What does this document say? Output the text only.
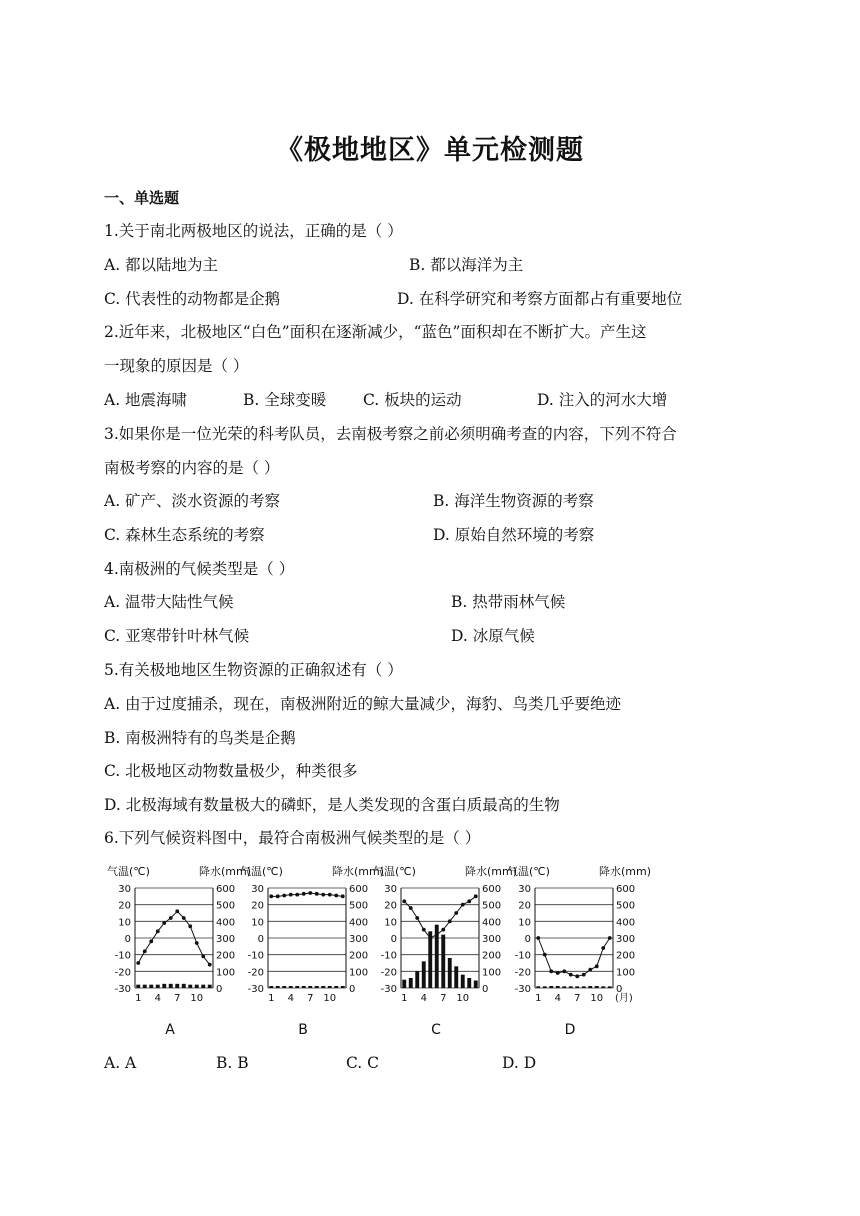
《极地地区》单元检测题
一、单选题
1.关于南北两极地区的说法，正确的是（ ）
A. 都以陆地为主	B. 都以海洋为主
C. 代表性的动物都是企鹅	D. 在科学研究和考察方面都占有重要地位
2.近年来，北极地区“白色”面积在逐渐减少，“蓝色”面积却在不断扩大。产生这
一现象的原因是（ ）
A. 地震海啸	B. 全球变暖 C. 板块的运动	D. 注入的河水大增
3.如果你是一位光荣的科考队员，去南极考察之前必须明确考查的内容，下列不符合
南极考察的内容的是（ ）
A. 矿产、淡水资源的考察	B. 海洋生物资源的考察
C. 森林生态系统的考察	D. 原始自然环境的考察
4.南极洲的气候类型是（ ）
A. 温带大陆性气候	B. 热带雨林气候
C. 亚寒带针叶林气候	D. 冰原气候
5.有关极地地区生物资源的正确叙述有（ ）
A. 由于过度捕杀，现在，南极洲附近的鲸大量减少，海豹、鸟类几乎要绝迹
B. 南极洲特有的鸟类是企鹅
C. 北极地区动物数量极少，种类很多
D. 北极海域有数量极大的磷虾，是人类发现的含蛋白质最高的生物
6.下列气候资料图中，最符合南极洲气候类型的是（ ）
气温(℃)	降水(mm)
-30	0
-20	100
-10	200
0	300
10	400
20	500
30	600
1 4 7 10
A
气温(℃)	降水(mm)
-30	0
-20	100
-10	200
0	300
10	400
20	500
30	600
1 4 7 10
B
气温(℃)	降水(mm)
-30	0
-20	100
-10	200
0	300
10	400
20	500
30	600
1 4 7 10
C
气温(℃)	降水(mm)
-30	0
-20	100
-10	200
0	300
10	400
20	500
30	600
1 4 7 10 (月)
D
A. A	B. B	C. C	D. D
